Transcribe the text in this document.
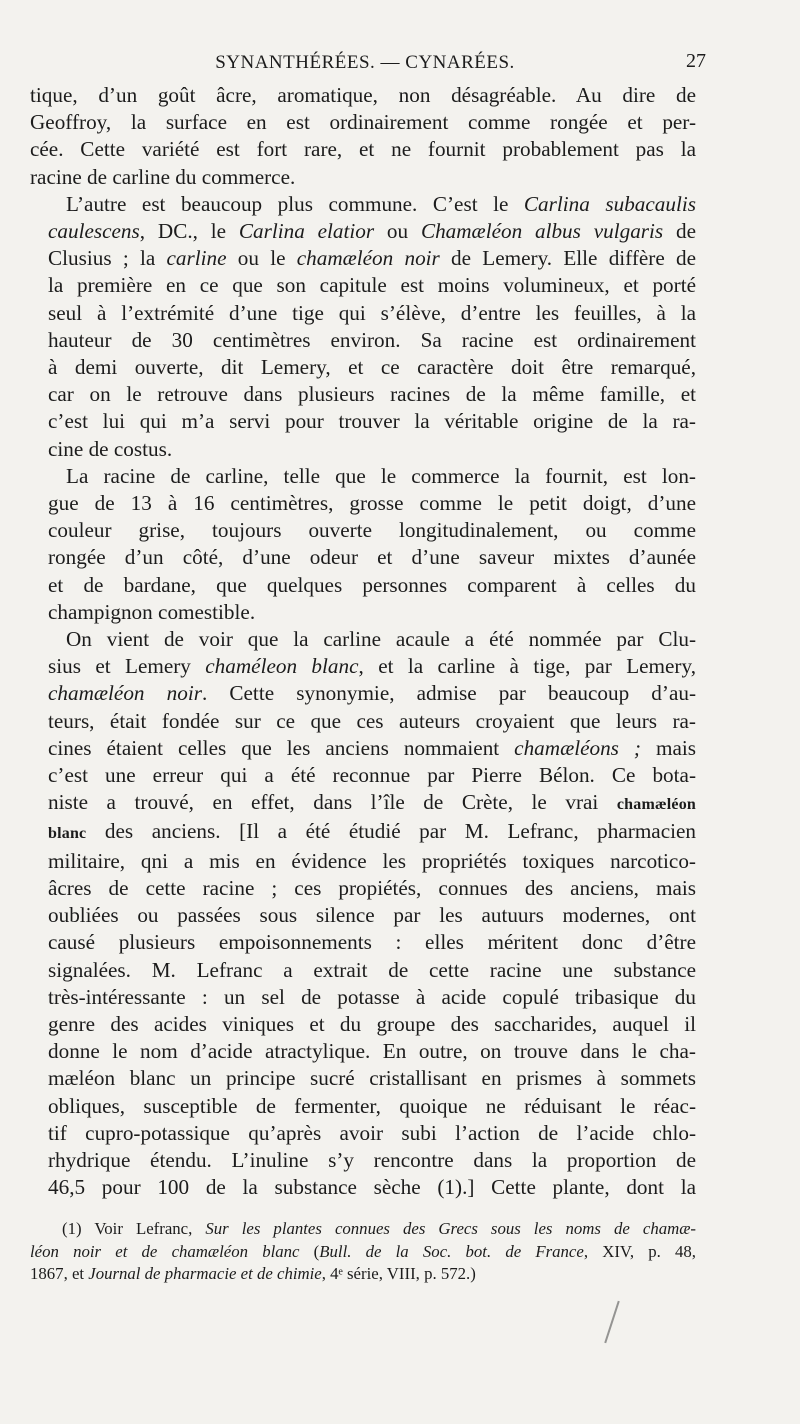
SYNANTHÉRÉES. — CYNARÉES.	27

tique, d’un goût âcre, aromatique, non désagréable. Au dire de
Geoffroy, la surface en est ordinairement comme rongée et per-
cée. Cette variété est fort rare, et ne fournit probablement pas la
racine de carline du commerce.

L’autre est beaucoup plus commune. C’est le Carlina subacaulis
caulescens, DC., le Carlina elatior ou Chamæléon albus vulgaris de
Clusius ; la carline ou le chamæléon noir de Lemery. Elle diffère de
la première en ce que son capitule est moins volumineux, et porté
seul à l’extrémité d’une tige qui s’élève, d’entre les feuilles, à la
hauteur de 30 centimètres environ. Sa racine est ordinairement
à demi ouverte, dit Lemery, et ce caractère doit être remarqué,
car on le retrouve dans plusieurs racines de la même famille, et
c’est lui qui m’a servi pour trouver la véritable origine de la ra-
cine de costus.

La racine de carline, telle que le commerce la fournit, est lon-
gue de 13 à 16 centimètres, grosse comme le petit doigt, d’une
couleur grise, toujours ouverte longitudinalement, ou comme
rongée d’un côté, d’une odeur et d’une saveur mixtes d’aunée
et de bardane, que quelques personnes comparent à celles du
champignon comestible.

On vient de voir que la carline acaule a été nommée par Clu-
sius et Lemery chaméleon blanc, et la carline à tige, par Lemery,
chamæléon noir. Cette synonymie, admise par beaucoup d’au-
teurs, était fondée sur ce que ces auteurs croyaient que leurs ra-
cines étaient celles que les anciens nommaient chamæléons ; mais
c’est une erreur qui a été reconnue par Pierre Bélon. Ce bota-
niste a trouvé, en effet, dans l’île de Crète, le vrai chamæléon
blanc des anciens. [Il a été étudié par M. Lefranc, pharmacien
militaire, qni a mis en évidence les propriétés toxiques narcotico-
âcres de cette racine ; ces propiétés, connues des anciens, mais
oubliées ou passées sous silence par les autuurs modernes, ont
causé plusieurs empoisonnements : elles méritent donc d’être
signalées. M. Lefranc a extrait de cette racine une substance
très-intéressante : un sel de potasse à acide copulé tribasique du
genre des acides viniques et du groupe des saccharides, auquel il
donne le nom d’acide atractylique. En outre, on trouve dans le cha-
mæléon blanc un principe sucré cristallisant en prismes à sommets
obliques, susceptible de fermenter, quoique ne réduisant le réac-
tif cupro-potassique qu’après avoir subi l’action de l’acide chlo-
rhydrique étendu. L’inuline s’y rencontre dans la proportion de
46,5 pour 100 de la substance sèche (1).] Cette plante, dont la

(1) Voir Lefranc, Sur les plantes connues des Grecs sous les noms de chamæ-
léon noir et de chamæléon blanc (Bull. de la Soc. bot. de France, XIV, p. 48,
1867, et Journal de pharmacie et de chimie, 4ᵉ série, VIII, p. 572.)
